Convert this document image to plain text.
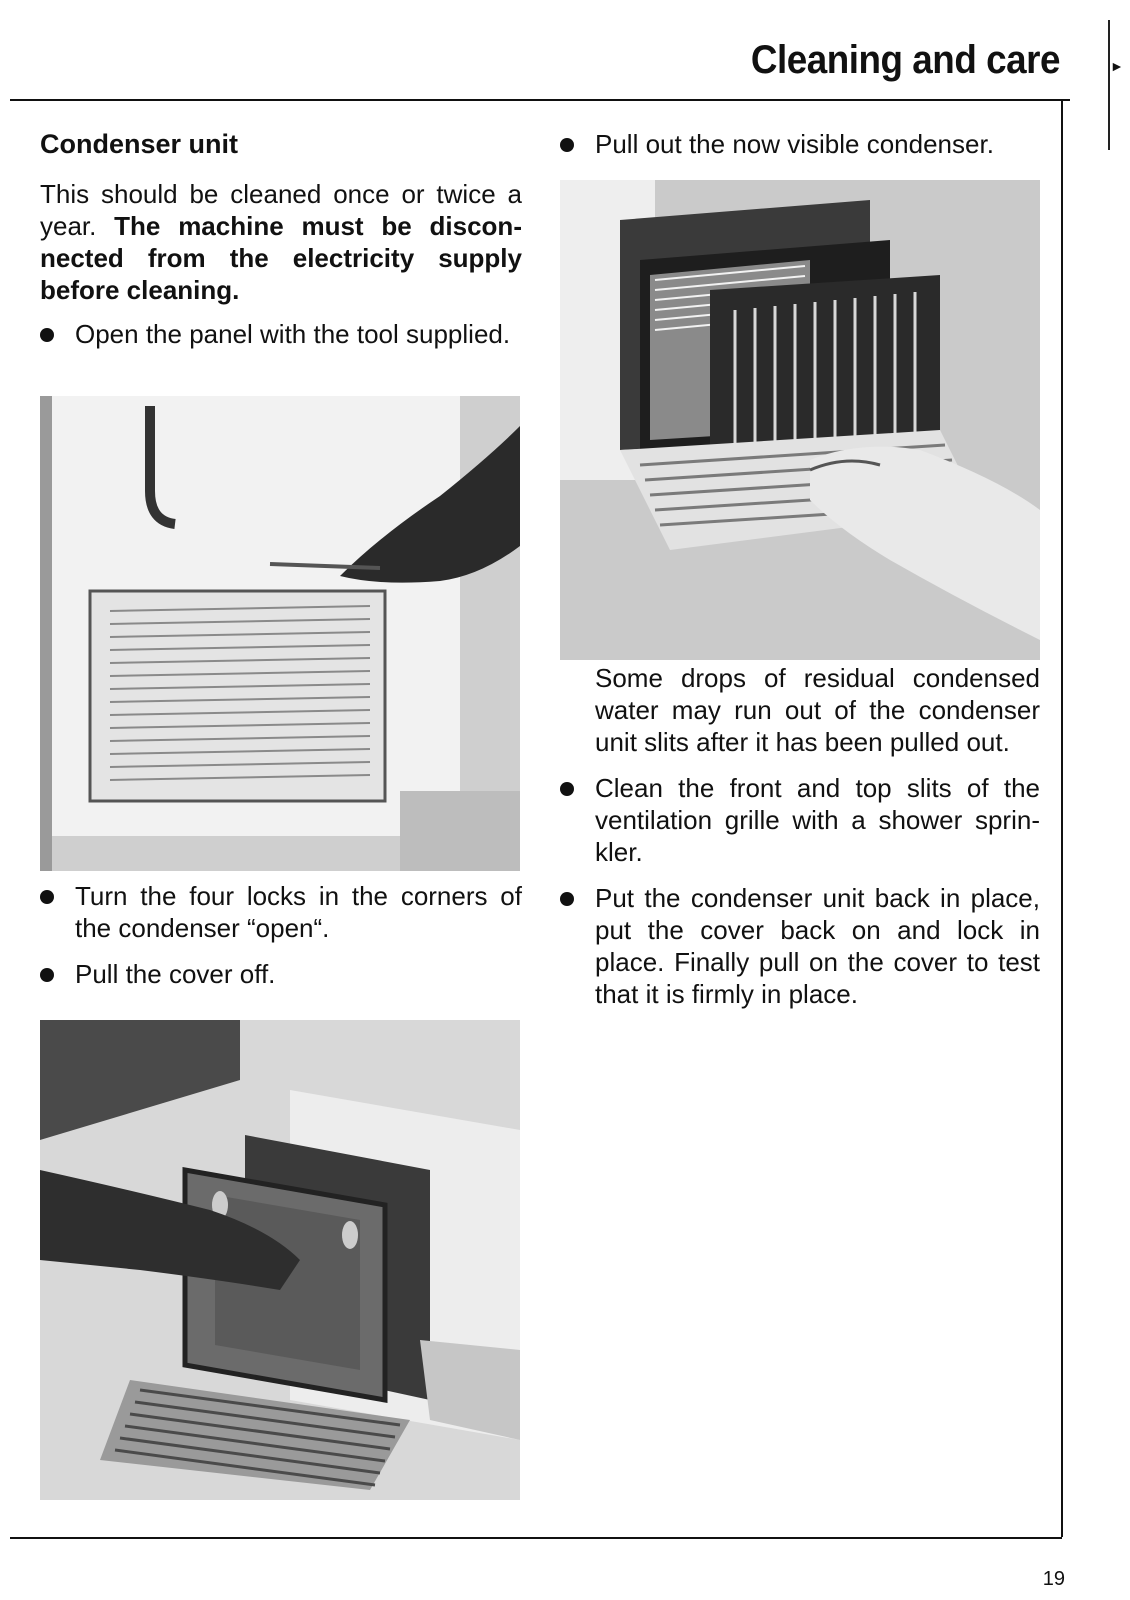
►
Cleaning and care

Condenser unit

This should be cleaned once or twice a year. The machine must be disconnected from the electricity supply before cleaning.

Open the panel with the tool supplied.
Turn the four locks in the corners of the condenser “open“.
Pull the cover off.
Pull out the now visible condenser.

Some drops of residual condensed water may run out of the condenser unit slits after it has been pulled out.

Clean the front and top slits of the ventilation grille with a shower sprinkler.
Put the condenser unit back in place, put the cover back on and lock in place. Finally pull on the cover to test that it is firmly in place.
19
